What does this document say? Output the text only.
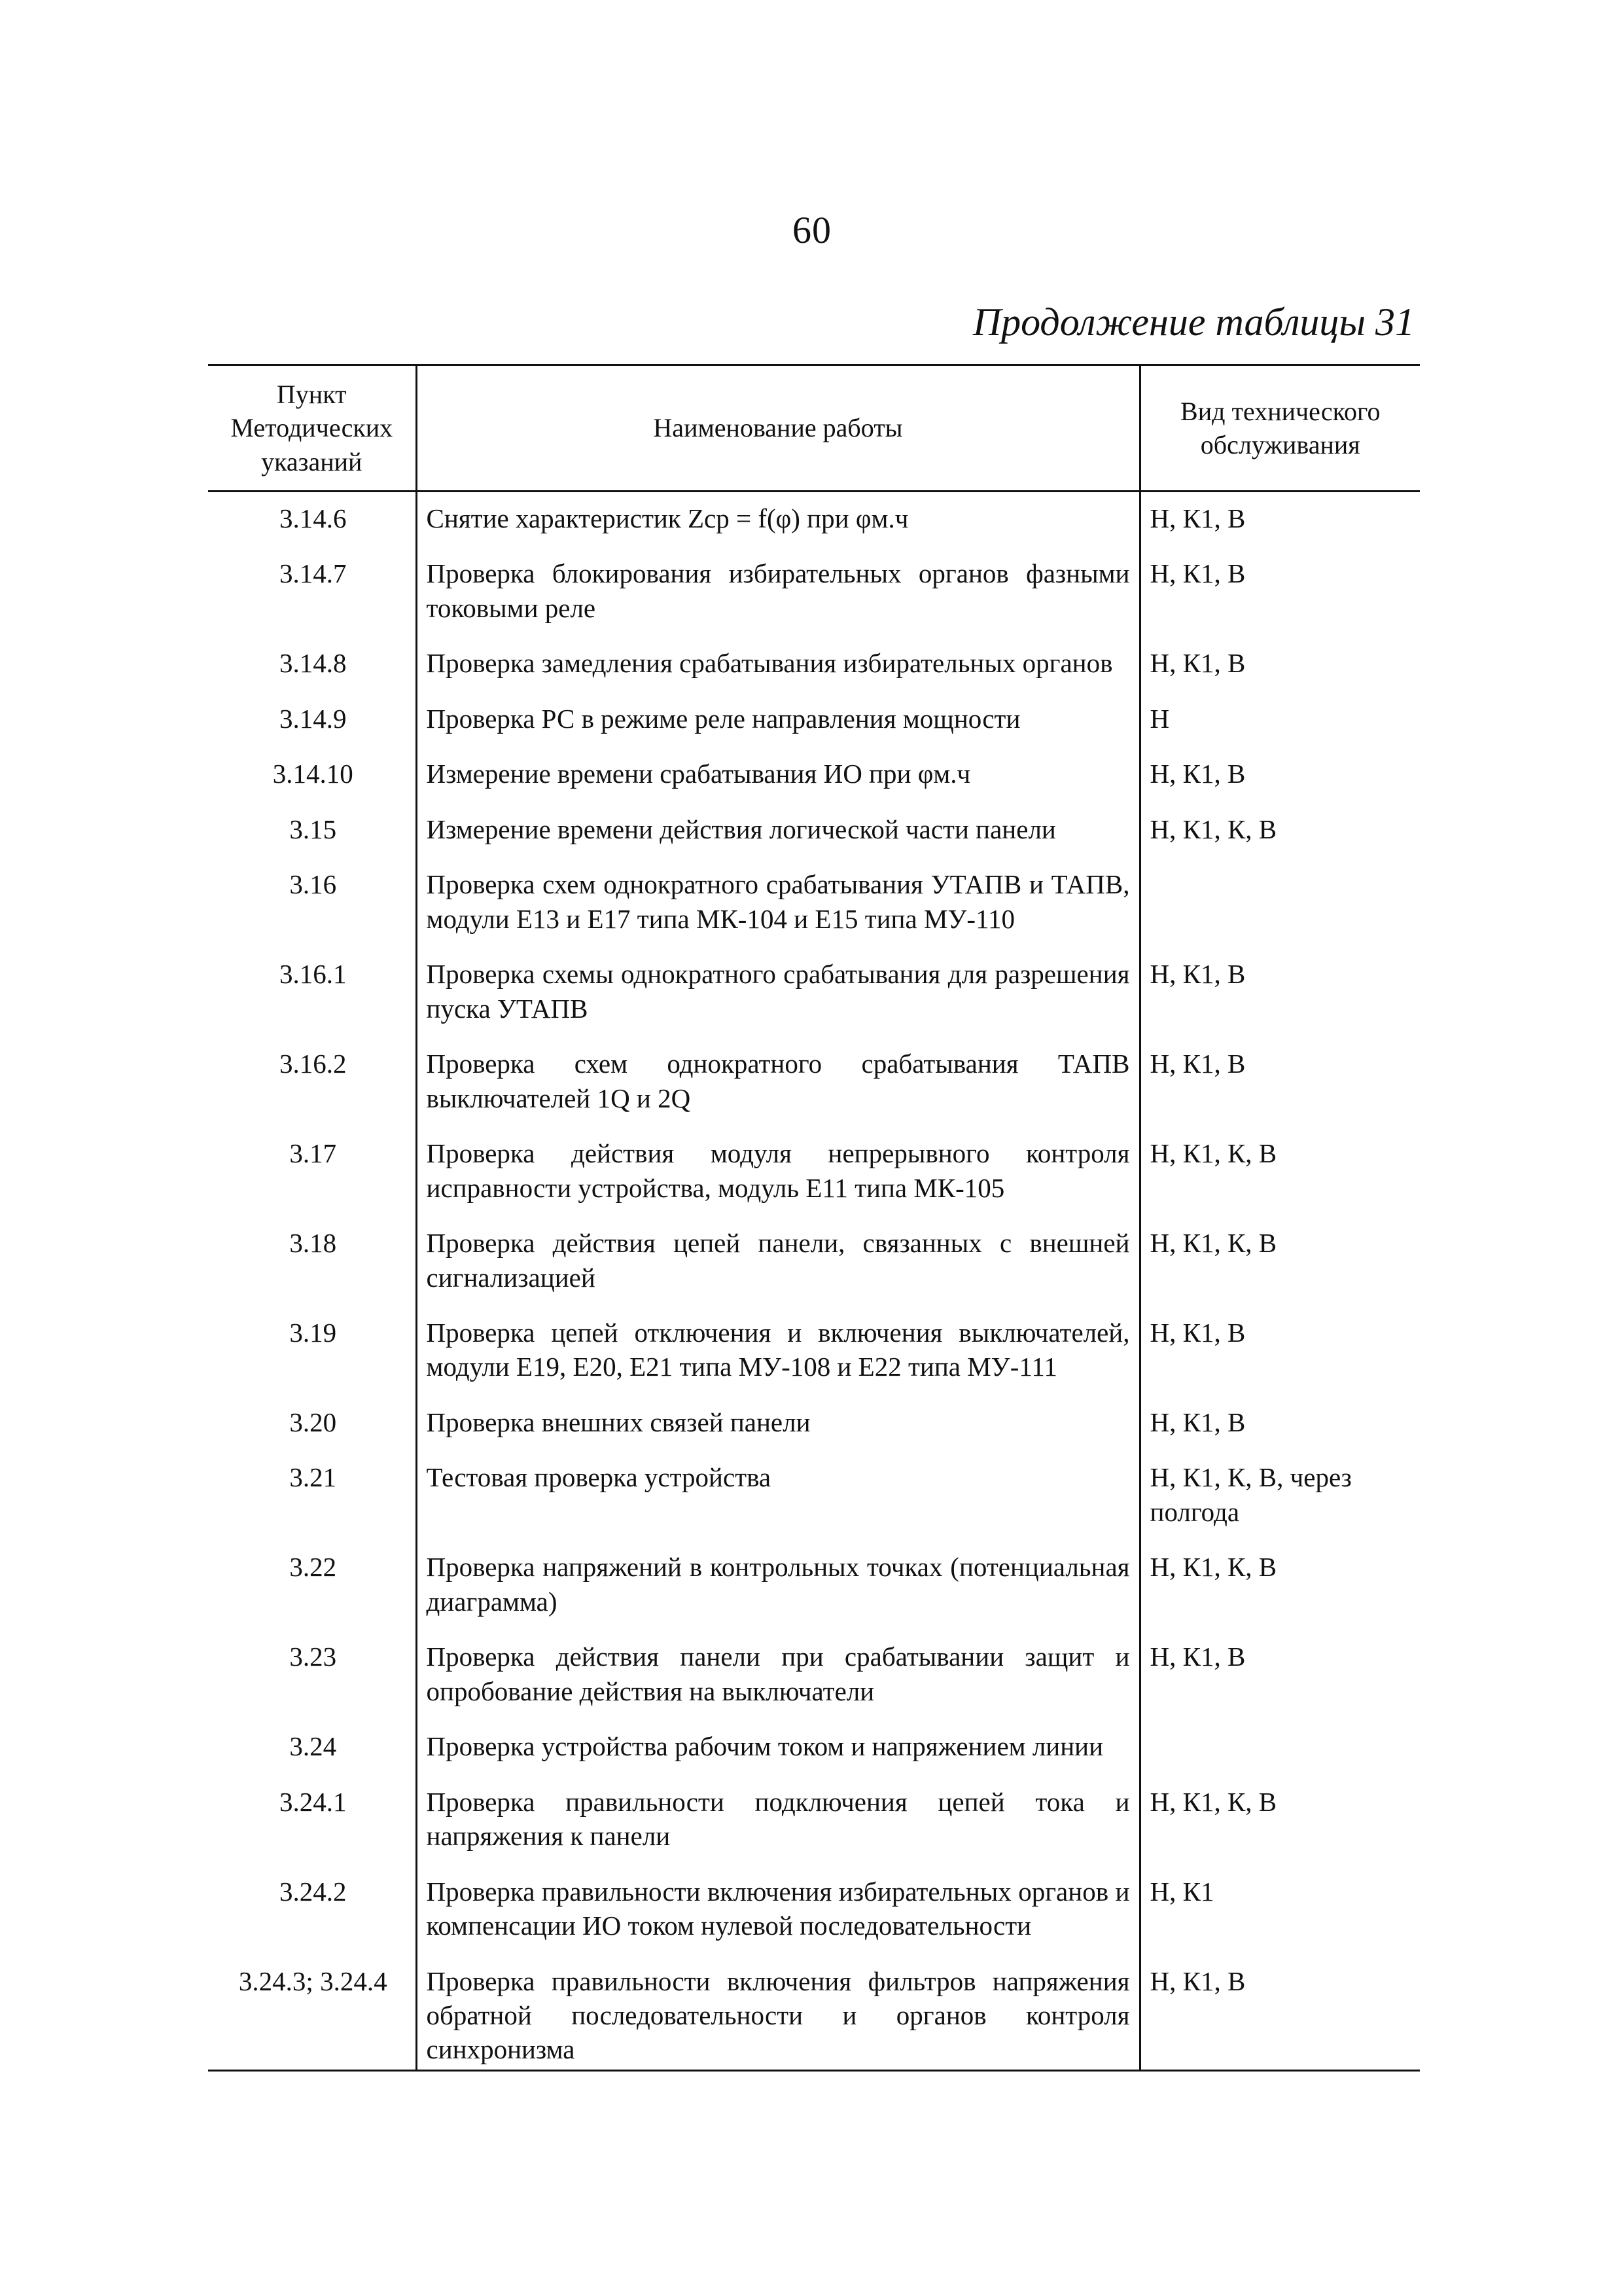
60
Продолжение таблицы 31
Пункт Методических указаний	Наименование работы	Вид технического обслуживания
3.14.6	Снятие характеристик Zср = f(φ) при φм.ч	Н, К1, В
3.14.7	Проверка блокирования избирательных органов фазными токовыми реле	Н, К1, В
3.14.8	Проверка замедления срабатывания избирательных органов	Н, К1, В
3.14.9	Проверка РС в режиме реле направления мощности	Н
3.14.10	Измерение времени срабатывания ИО при φм.ч	Н, К1, В
3.15	Измерение времени действия логической части панели	Н, К1, К, В
3.16	Проверка схем однократного срабатывания УТАПВ и ТАПВ, модули Е13 и Е17 типа МК-104 и Е15 типа МУ-110	
3.16.1	Проверка схемы однократного срабатывания для разрешения пуска УТАПВ	Н, К1, В
3.16.2	Проверка схем однократного срабатывания ТАПВ выключателей 1Q и 2Q	Н, К1, В
3.17	Проверка действия модуля непрерывного контроля исправности устройства, модуль Е11 типа МК-105	Н, К1, К, В
3.18	Проверка действия цепей панели, связанных с внешней сигнализацией	Н, К1, К, В
3.19	Проверка цепей отключения и включения выключателей, модули Е19, Е20, Е21 типа МУ-108 и Е22 типа МУ-111	Н, К1, В
3.20	Проверка внешних связей панели	Н, К1, В
3.21	Тестовая проверка устройства	Н, К1, К, В, через полгода
3.22	Проверка напряжений в контрольных точках (потенциальная диаграмма)	Н, К1, К, В
3.23	Проверка действия панели при срабатывании защит и опробование действия на выключатели	Н, К1, В
3.24	Проверка устройства рабочим током и напряжением линии	
3.24.1	Проверка правильности подключения цепей тока и напряжения к панели	Н, К1, К, В
3.24.2	Проверка правильности включения избирательных органов и компенсации ИО током нулевой последовательности	Н, К1
3.24.3; 3.24.4	Проверка правильности включения фильтров напряжения обратной последовательности и органов контроля синхронизма	Н, К1, В
